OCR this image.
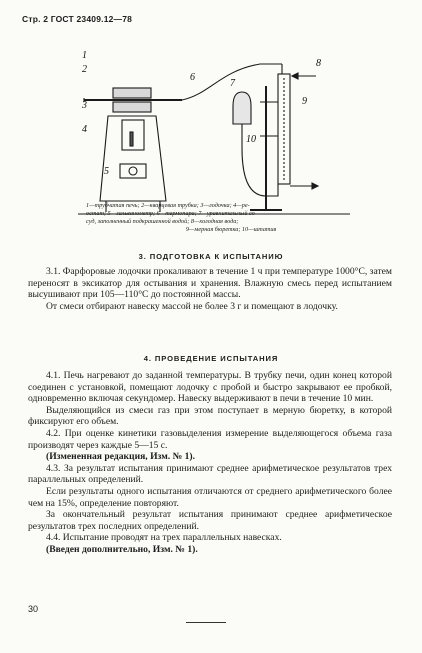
Стр. 2 ГОСТ 23409.12—78
1
2
3
4
5
6
7
8
9
10
1—трубчатая печь; 2—кварцевая трубка; 3—лодочка; 4—ре-
остат; 5—гальванометр; 6—термопара; 7—уравнительный со-
суд, заполненный подкрашенной водой; 8—холодная вода;
9—мерная бюретка; 10—штатив
3. ПОДГОТОВКА К ИСПЫТАНИЮ

3.1. Фарфоровые лодочки прокаливают в течение 1 ч при температуре 1000°С, затем переносят в эксикатор для остывания и хранения. Влажную смесь перед испытанием высушивают при 105—110°С до постоянной массы.

От смеси отбирают навеску массой не более 3 г и помещают в лодочку.

4. ПРОВЕДЕНИЕ ИСПЫТАНИЯ

4.1. Печь нагревают до заданной температуры. В трубку печи, один конец которой соединен с установкой, помещают лодочку с пробой и быстро закрывают ее пробкой, одновременно включая секундомер. Навеску выдерживают в печи в течение 10 мин.

Выделяющийся из смеси газ при этом поступает в мерную бюретку, в которой фиксируют его объем.

4.2. При оценке кинетики газовыделения измерение выделяющегося объема газа производят через каждые 5—15 с.

(Измененная редакция, Изм. № 1).

4.3. За результат испытания принимают среднее арифметическое результатов трех параллельных определений.

Если результаты одного испытания отличаются от среднего арифметического более чем на 15%, определение повторяют.

За окончательный результат испытания принимают среднее арифметическое результатов трех последних определений.

4.4. Испытание проводят на трех параллельных навесках.

(Введен дополнительно, Изм. № 1).

30
